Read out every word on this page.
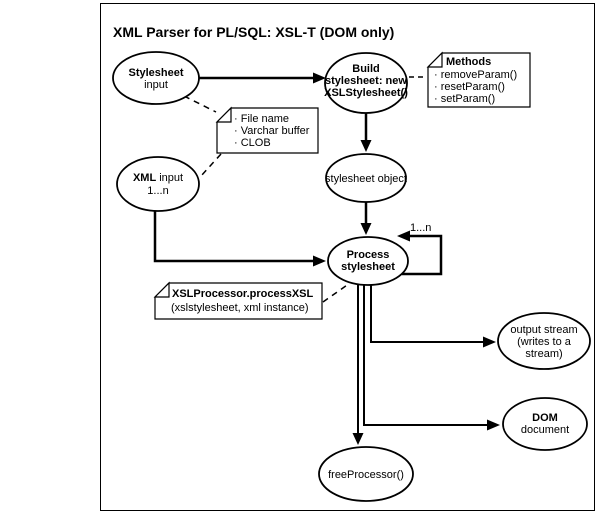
XML Parser for PL/SQL: XSL-T (DOM only)
1...n
Stylesheet
input
Build
stylesheet: new
XSLStylesheet()
stylesheet object
XML input
1...n
Process
stylesheet
output stream
(writes to a
stream)
DOM
document
freeProcessor()
Methods
· removeParam()
· resetParam()
· setParam()
· File name
· Varchar buffer
· CLOB
XSLProcessor.processXSL
(xslstylesheet, xml instance)
